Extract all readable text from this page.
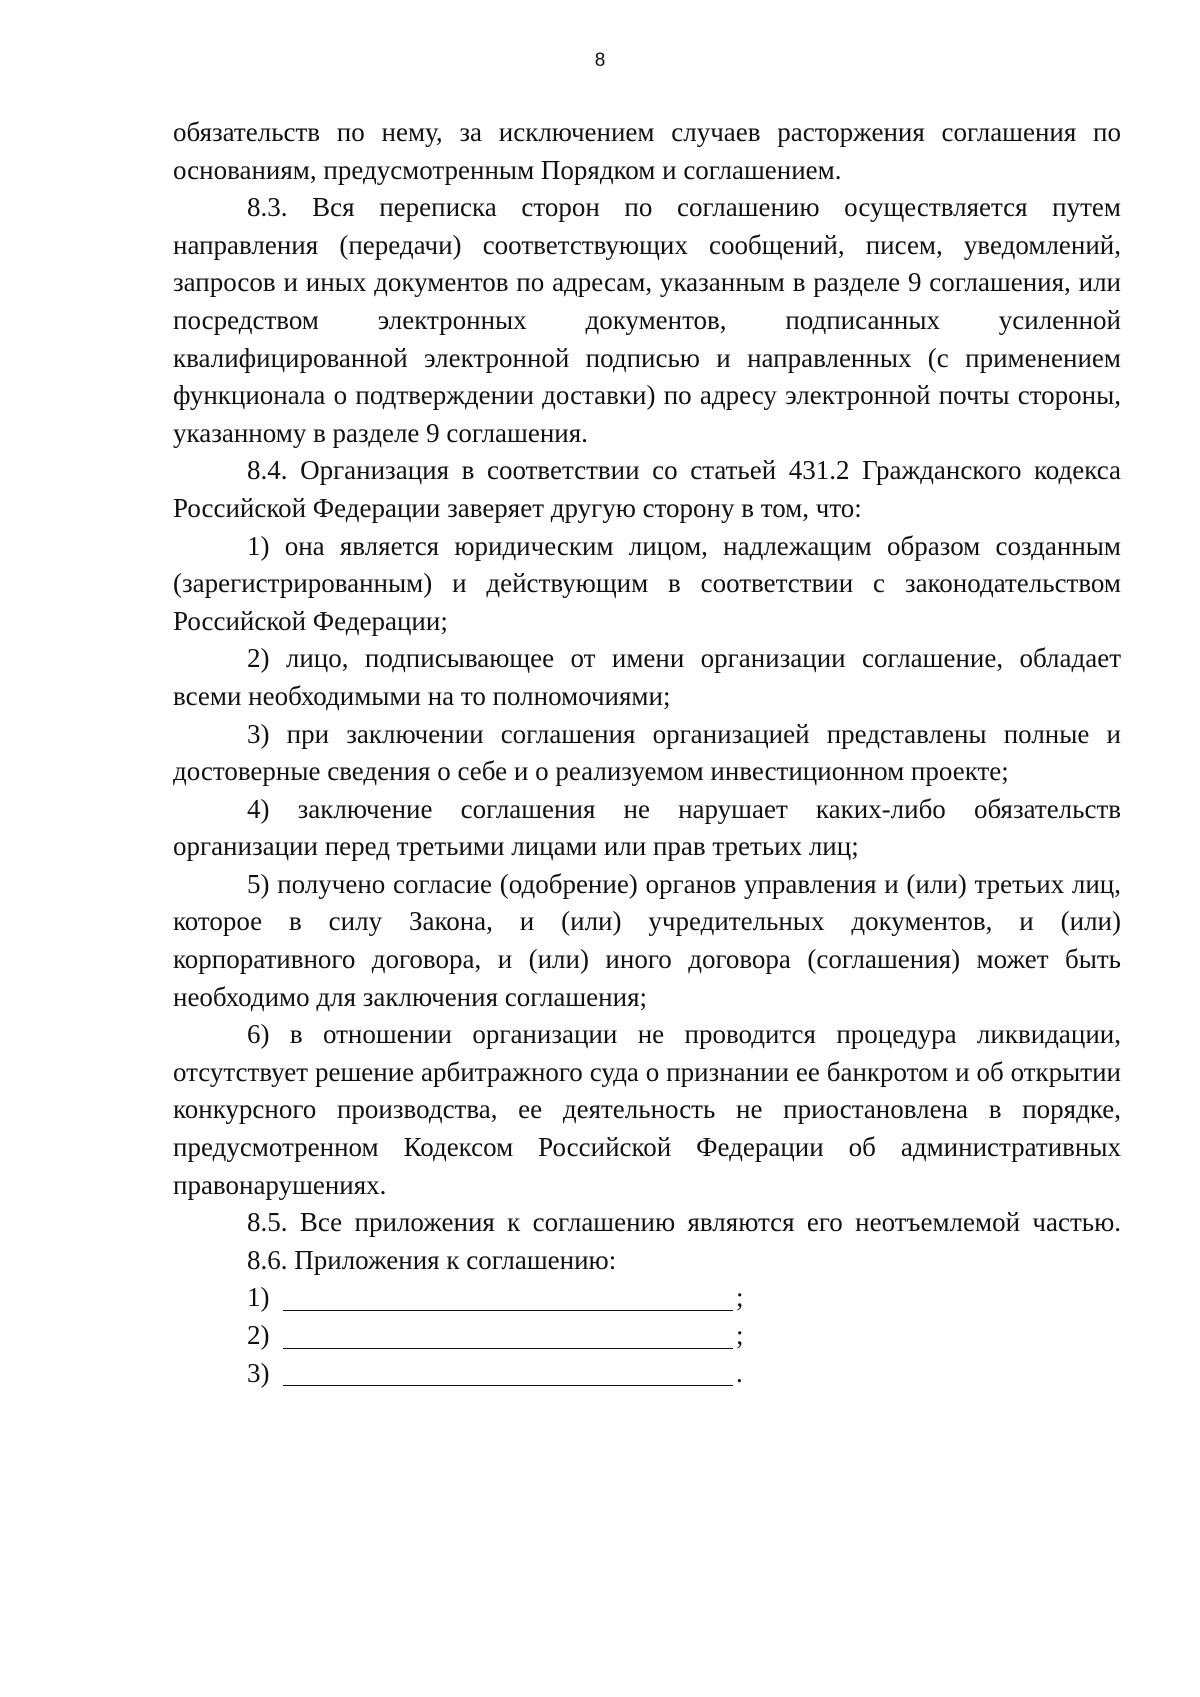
8

обязательств по нему, за исключением случаев расторжения соглашения по основаниям, предусмотренным Порядком и соглашением.

8.3. Вся переписка сторон по соглашению осуществляется путем направления (передачи) соответствующих сообщений, писем, уведомлений, запросов и иных документов по адресам, указанным в разделе 9 соглашения, или посредством электронных документов, подписанных усиленной квалифицированной электронной подписью и направленных (с применением функционала о подтверждении доставки) по адресу электронной почты стороны, указанному в разделе 9 соглашения.

8.4. Организация в соответствии со статьей 431.2 Гражданского кодекса Российской Федерации заверяет другую сторону в том, что:

1) она является юридическим лицом, надлежащим образом созданным (зарегистрированным) и действующим в соответствии с законодательством Российской Федерации;

2) лицо, подписывающее от имени организации соглашение, обладает всеми необходимыми на то полномочиями;

3) при заключении соглашения организацией представлены полные и достоверные сведения о себе и о реализуемом инвестиционном проекте;

4) заключение соглашения не нарушает каких-либо обязательств организации перед третьими лицами или прав третьих лиц;

5) получено согласие (одобрение) органов управления и (или) третьих лиц, которое в силу Закона, и (или) учредительных документов, и (или) корпоративного договора, и (или) иного договора (соглашения) может быть необходимо для заключения соглашения;

6) в отношении организации не проводится процедура ликвидации, отсутствует решение арбитражного суда о признании ее банкротом и об открытии конкурсного производства, ее деятельность не приостановлена в порядке, предусмотренном Кодексом Российской Федерации об административных правонарушениях.

8.5. Все приложения к соглашению являются его неотъемлемой частью.

8.6. Приложения к соглашению:

1)	;
2)	;
3)	.
